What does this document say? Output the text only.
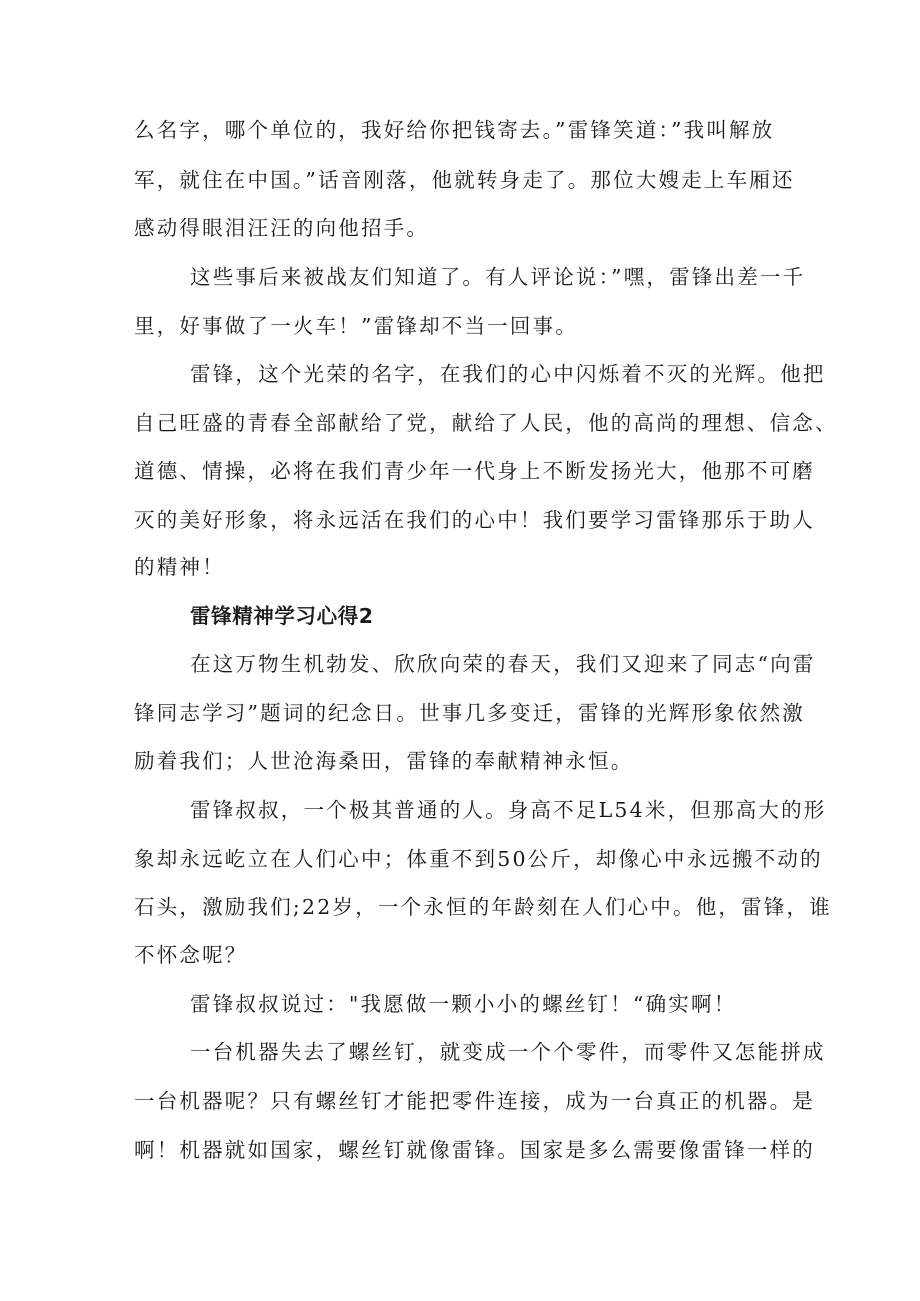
么名字，哪个单位的，我好给你把钱寄去。”雷锋笑道：”我叫解放

军，就住在中国。”话音刚落，他就转身走了。那位大嫂走上车厢还

感动得眼泪汪汪的向他招手。

这些事后来被战友们知道了。有人评论说：”嘿，雷锋出差一千

里，好事做了一火车！”雷锋却不当一回事。

雷锋，这个光荣的名字，在我们的心中闪烁着不灭的光辉。他把

自己旺盛的青春全部献给了党，献给了人民，他的高尚的理想、信念、

道德、情操，必将在我们青少年一代身上不断发扬光大，他那不可磨

灭的美好形象，将永远活在我们的心中！我们要学习雷锋那乐于助人

的精神！

雷锋精神学习心得2

在这万物生机勃发、欣欣向荣的春天，我们又迎来了同志“向雷

锋同志学习”题词的纪念日。世事几多变迁，雷锋的光辉形象依然激

励着我们；人世沧海桑田，雷锋的奉献精神永恒。

雷锋叔叔，一个极其普通的人。身高不足L54米，但那高大的形

象却永远屹立在人们心中；体重不到50公斤，却像心中永远搬不动的

石头，激励我们;22岁，一个永恒的年龄刻在人们心中。他，雷锋，谁

不怀念呢？

雷锋叔叔说过："我愿做一颗小小的螺丝钉！“确实啊！

一台机器失去了螺丝钉，就变成一个个零件，而零件又怎能拼成

一台机器呢？只有螺丝钉才能把零件连接，成为一台真正的机器。是

啊！机器就如国家，螺丝钉就像雷锋。国家是多么需要像雷锋一样的
